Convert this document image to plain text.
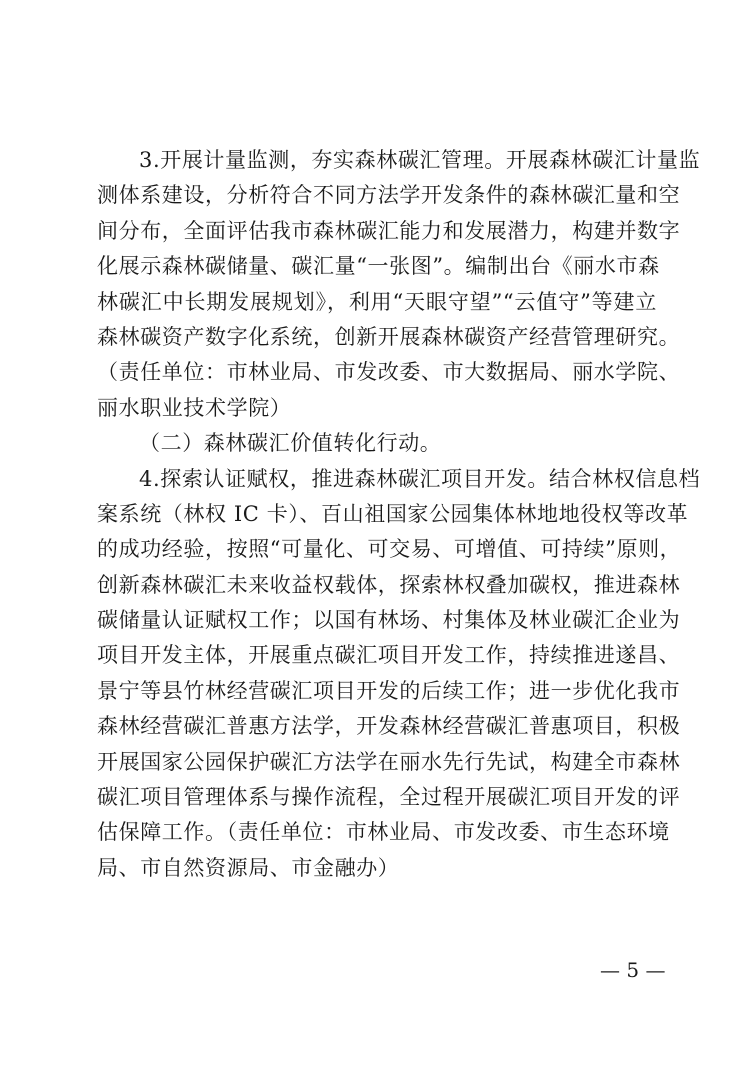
3.开展计量监测，夯实森林碳汇管理。开展森林碳汇计量监
测体系建设，分析符合不同方法学开发条件的森林碳汇量和空
间分布，全面评估我市森林碳汇能力和发展潜力，构建并数字
化展示森林碳储量、碳汇量“一张图”。编制出台《丽水市森
林碳汇中长期发展规划》，利用“天眼守望”“云值守”等建立
森林碳资产数字化系统，创新开展森林碳资产经营管理研究。
（责任单位：市林业局、市发改委、市大数据局、丽水学院、
丽水职业技术学院）
（二）森林碳汇价值转化行动。
4.探索认证赋权，推进森林碳汇项目开发。结合林权信息档
案系统（林权 IC 卡）、百山祖国家公园集体林地地役权等改革
的成功经验，按照“可量化、可交易、可增值、可持续”原则，
创新森林碳汇未来收益权载体，探索林权叠加碳权，推进森林
碳储量认证赋权工作；以国有林场、村集体及林业碳汇企业为
项目开发主体，开展重点碳汇项目开发工作，持续推进遂昌、
景宁等县竹林经营碳汇项目开发的后续工作；进一步优化我市
森林经营碳汇普惠方法学，开发森林经营碳汇普惠项目，积极
开展国家公园保护碳汇方法学在丽水先行先试，构建全市森林
碳汇项目管理体系与操作流程，全过程开展碳汇项目开发的评
估保障工作。（责任单位：市林业局、市发改委、市生态环境
局、市自然资源局、市金融办）
— 5 —
